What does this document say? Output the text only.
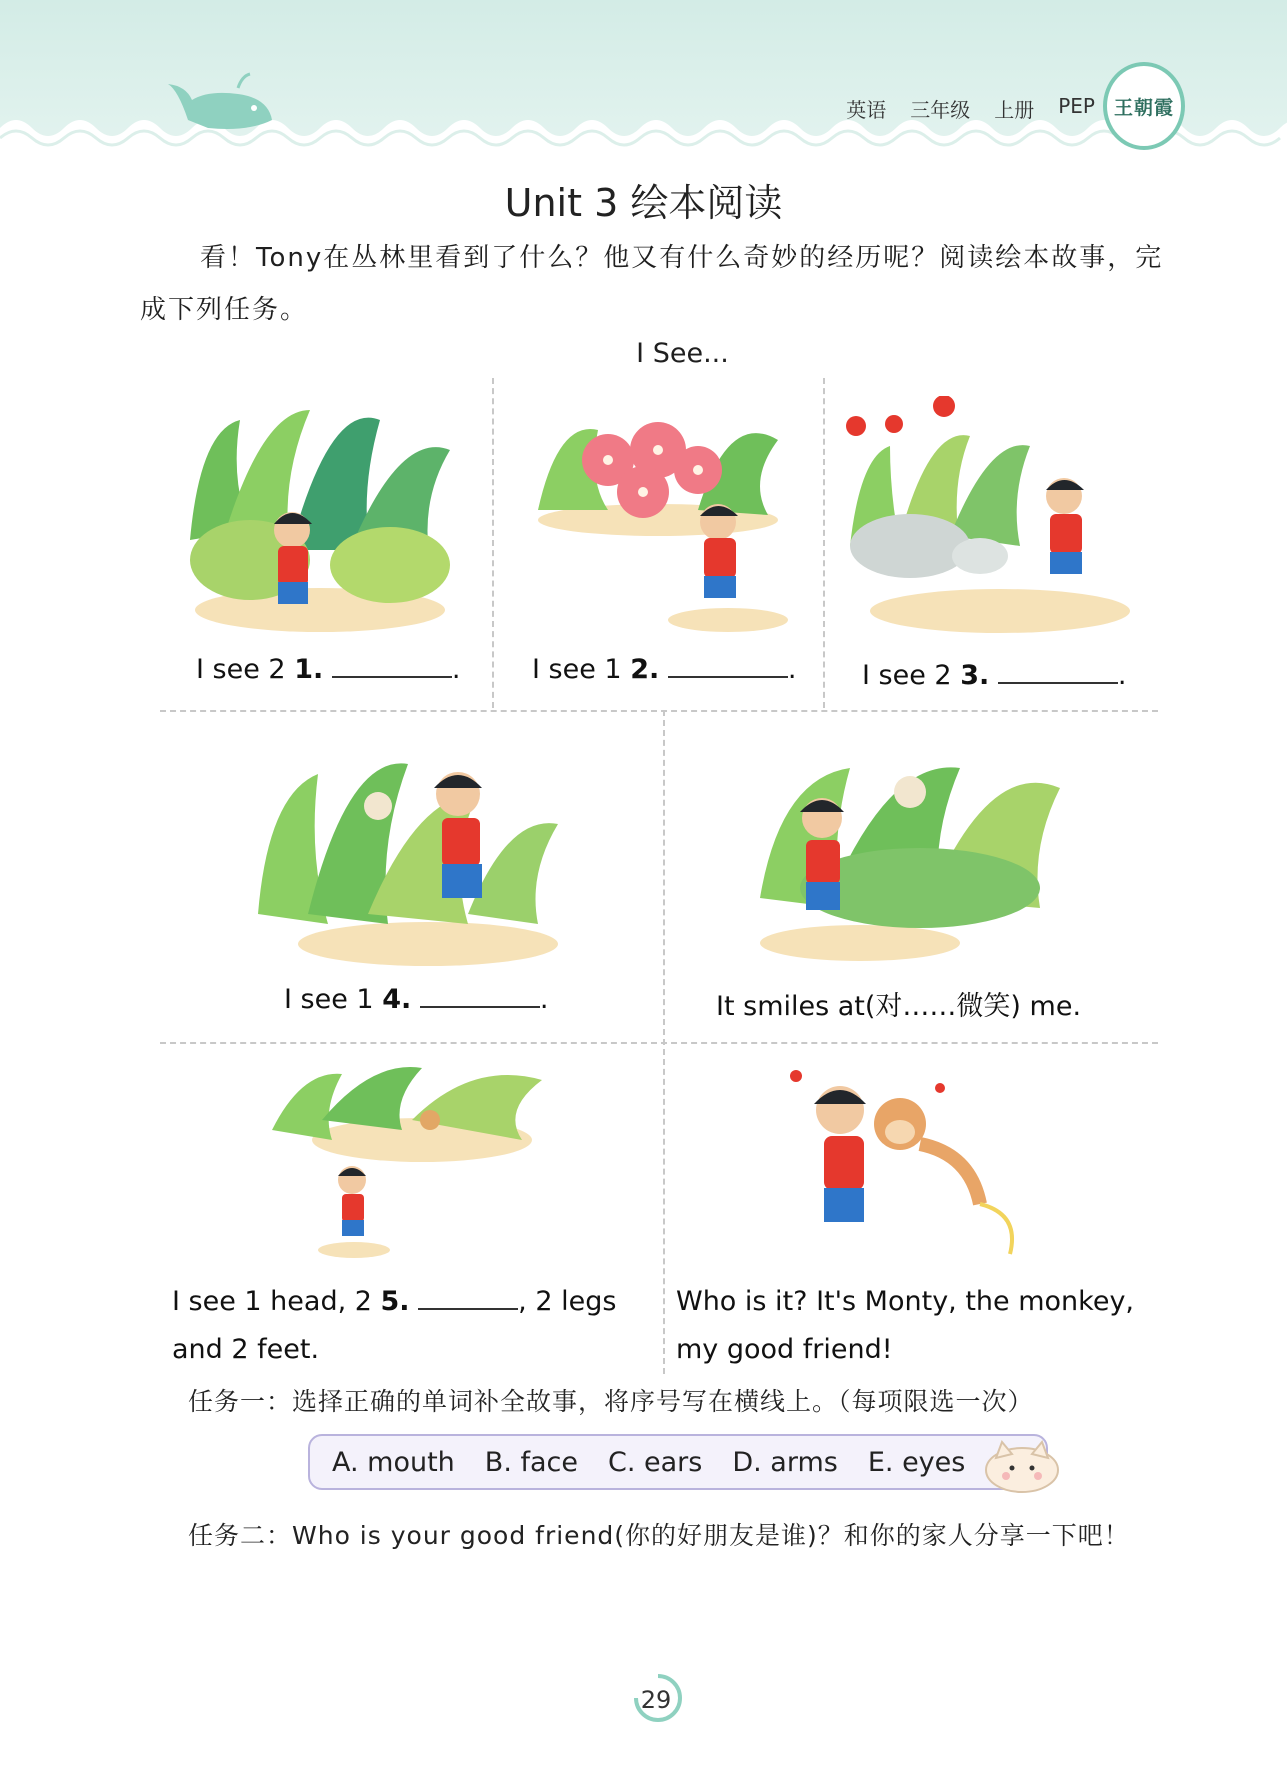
英语 三年级 上册 PEP 王朝霞
Unit 3 绘本阅读
看！Tony在丛林里看到了什么？他又有什么奇妙的经历呢？阅读绘本故事，完成下列任务。
I See...
I see 2 1.	.	I see 1 2.	. I see 2 3.	.
I see 1 4.	.	It smiles at(对……微笑) me.
I see 1 head, 2 5.	, 2 legs and 2 feet.
Who is it? It's Monty, the monkey, my good friend!
任务一：选择正确的单词补全故事，将序号写在横线上。（每项限选一次）
A. mouth B. face C. ears D. arms E. eyes
任务二：Who is your good friend(你的好朋友是谁)？和你的家人分享一下吧！
29
